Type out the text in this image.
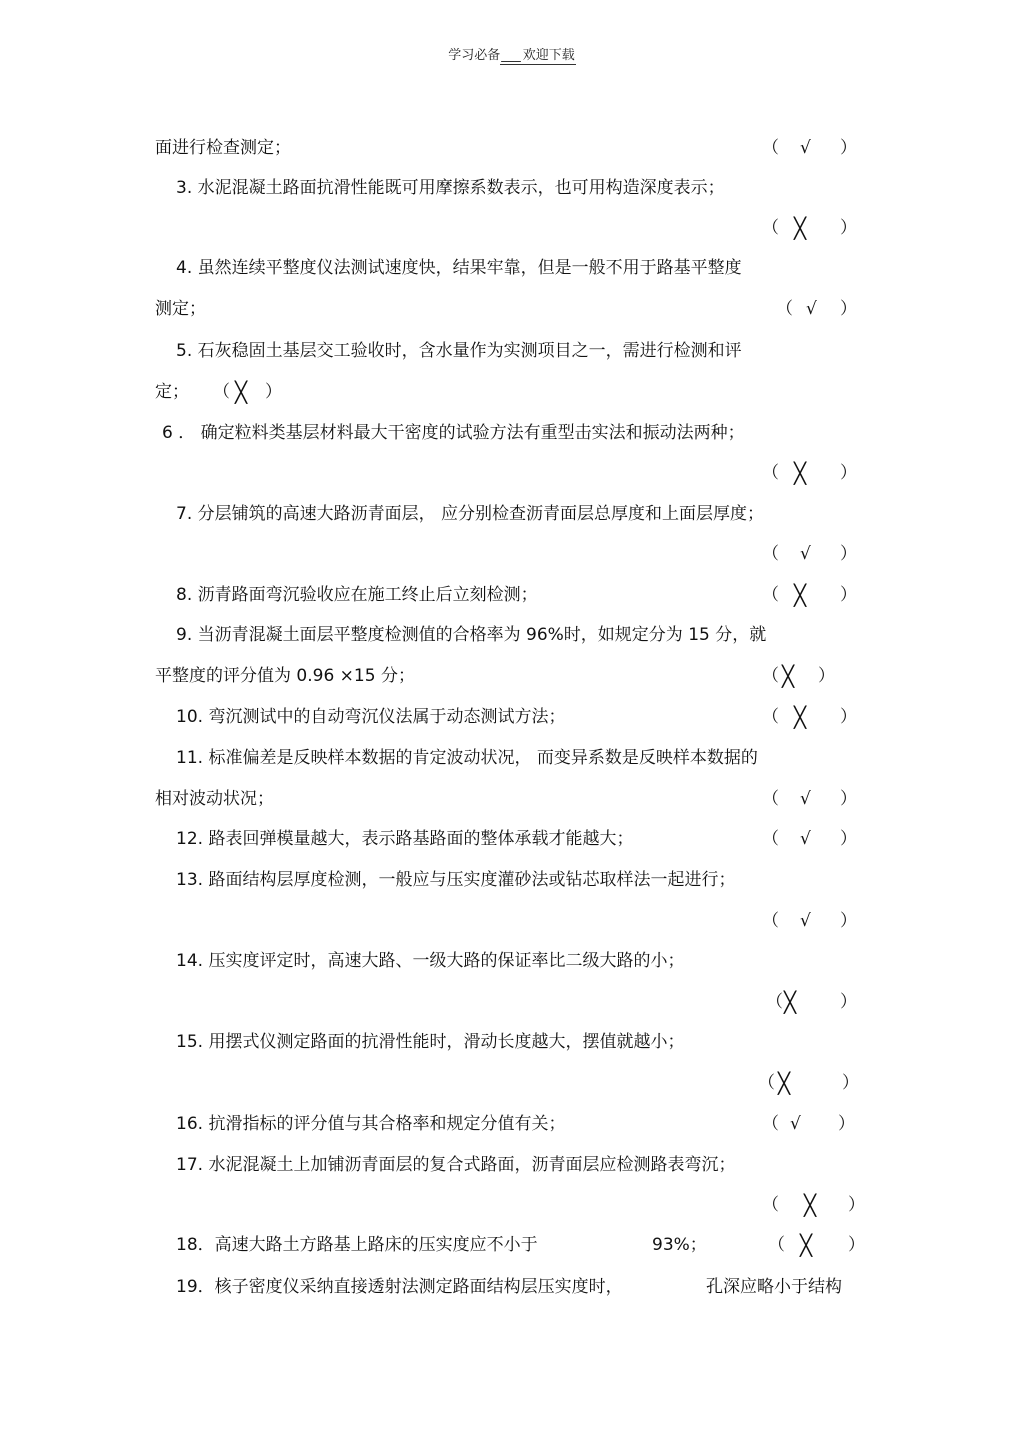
学习必备___ 欢迎下载
面进行检查测定；	（ √ ）
3. 水泥混凝土路面抗滑性能既可用摩擦系数表示，也可用构造深度表示；
（ ╳ ）
4. 虽然连续平整度仪法测试速度快，结果牢靠，但是一般不用于路基平整度
测定；	（ √ ）
5. 石灰稳固土基层交工验收时，含水量作为实测项目之一，需进行检测和评
定； （ ╳ ）
6 ． 确定粒料类基层材料最大干密度的试验方法有重型击实法和振动法两种；
（ ╳ ）
7. 分层铺筑的高速大路沥青面层， 应分别检查沥青面层总厚度和上面层厚度；
（ √ ）
8. 沥青路面弯沉验收应在施工终止后立刻检测；	（ ╳ ）
9. 当沥青混凝土面层平整度检测值的合格率为 96%时，如规定分为 15 分，就
平整度的评分值为 0.96 ×15 分；	（ ╳ ）
10. 弯沉测试中的自动弯沉仪法属于动态测试方法；	（ ╳ ）
11. 标准偏差是反映样本数据的肯定波动状况， 而变异系数是反映样本数据的
相对波动状况；	（ √ ）
12. 路表回弹模量越大，表示路基路面的整体承载才能越大；	（ √ ）
13. 路面结构层厚度检测，一般应与压实度灌砂法或钻芯取样法一起进行；
（ √ ）
14. 压实度评定时，高速大路、一级大路的保证率比二级大路的小；
（ ╳	）
15. 用摆式仪测定路面的抗滑性能时，滑动长度越大，摆值就越小；
（ ╳	）
16. 抗滑指标的评分值与其合格率和规定分值有关；	（ √ ）
17. 水泥混凝土上加铺沥青面层的复合式路面，沥青面层应检测路表弯沉；
（ ╳ ）
18．高速大路土方路基上路床的压实度应不小于	93%；	（ ╳ ）
19．核子密度仪采纳直接透射法测定路面结构层压实度时，	孔深应略小于结构
